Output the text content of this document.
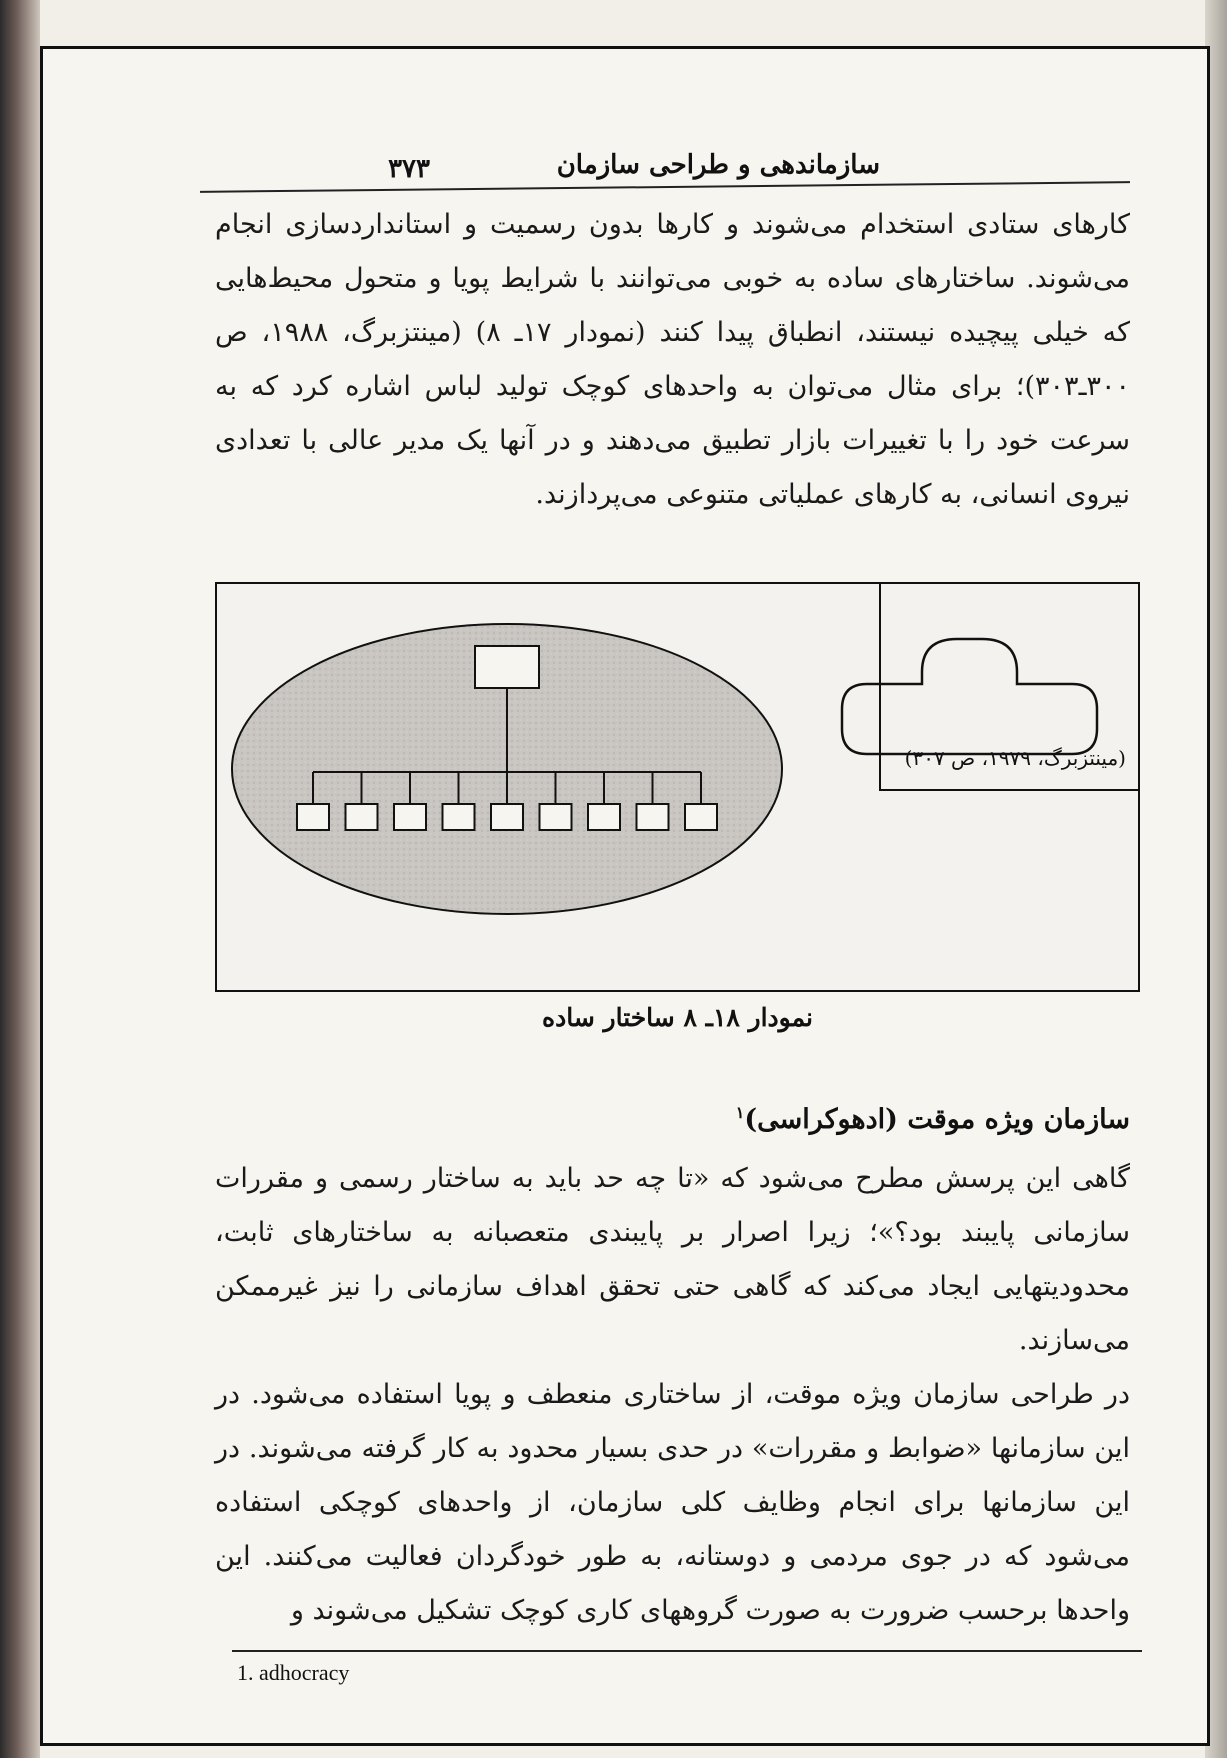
سازماندهی و طراحی سازمان
۳۷۳

کارهای ستادی استخدام می‌شوند و کارها بدون رسمیت و استانداردسازی انجام می‌شوند. ساختارهای ساده به خوبی می‌توانند با شرایط پویا و متحول محیط‌هایی که خیلی پیچیده نیستند، انطباق پیدا کنند (نمودار ۱۷ـ ۸) (مینتزبرگ، ۱۹۸۸، ص ۳۰۰ـ۳۰۳)؛ برای مثال می‌توان به واحدهای کوچک تولید لباس اشاره کرد که به سرعت خود را با تغییرات بازار تطبیق می‌دهند و در آنها یک مدیر عالی با تعدادی نیروی انسانی، به کارهای عملیاتی متنوعی می‌پردازند.

(مینتزبرگ، ۱۹۷۹، ص ۳۰۷)
نمودار ۱۸ـ ۸ ساختار ساده
سازمان ویژه موقت (ادهوکراسی)$^۱$

گاهی این پرسش مطرح می‌شود که «تا چه حد باید به ساختار رسمی و مقررات سازمانی پایبند بود؟»؛ زیرا اصرار بر پایبندی متعصبانه به ساختارهای ثابت، محدودیتهایی ایجاد می‌کند که گاهی حتی تحقق اهداف سازمانی را نیز غیرممکن می‌سازند.
در طراحی سازمان ویژه موقت، از ساختاری منعطف و پویا استفاده می‌شود. در این سازمانها «ضوابط و مقررات» در حدی بسیار محدود به کار گرفته می‌شوند. در این سازمانها برای انجام وظایف کلی سازمان، از واحدهای کوچکی استفاده می‌شود که در جوی مردمی و دوستانه، به طور خودگردان فعالیت می‌کنند. این واحدها برحسب ضرورت به صورت گروههای کاری کوچک تشکیل می‌شوند و

1. adhocracy
